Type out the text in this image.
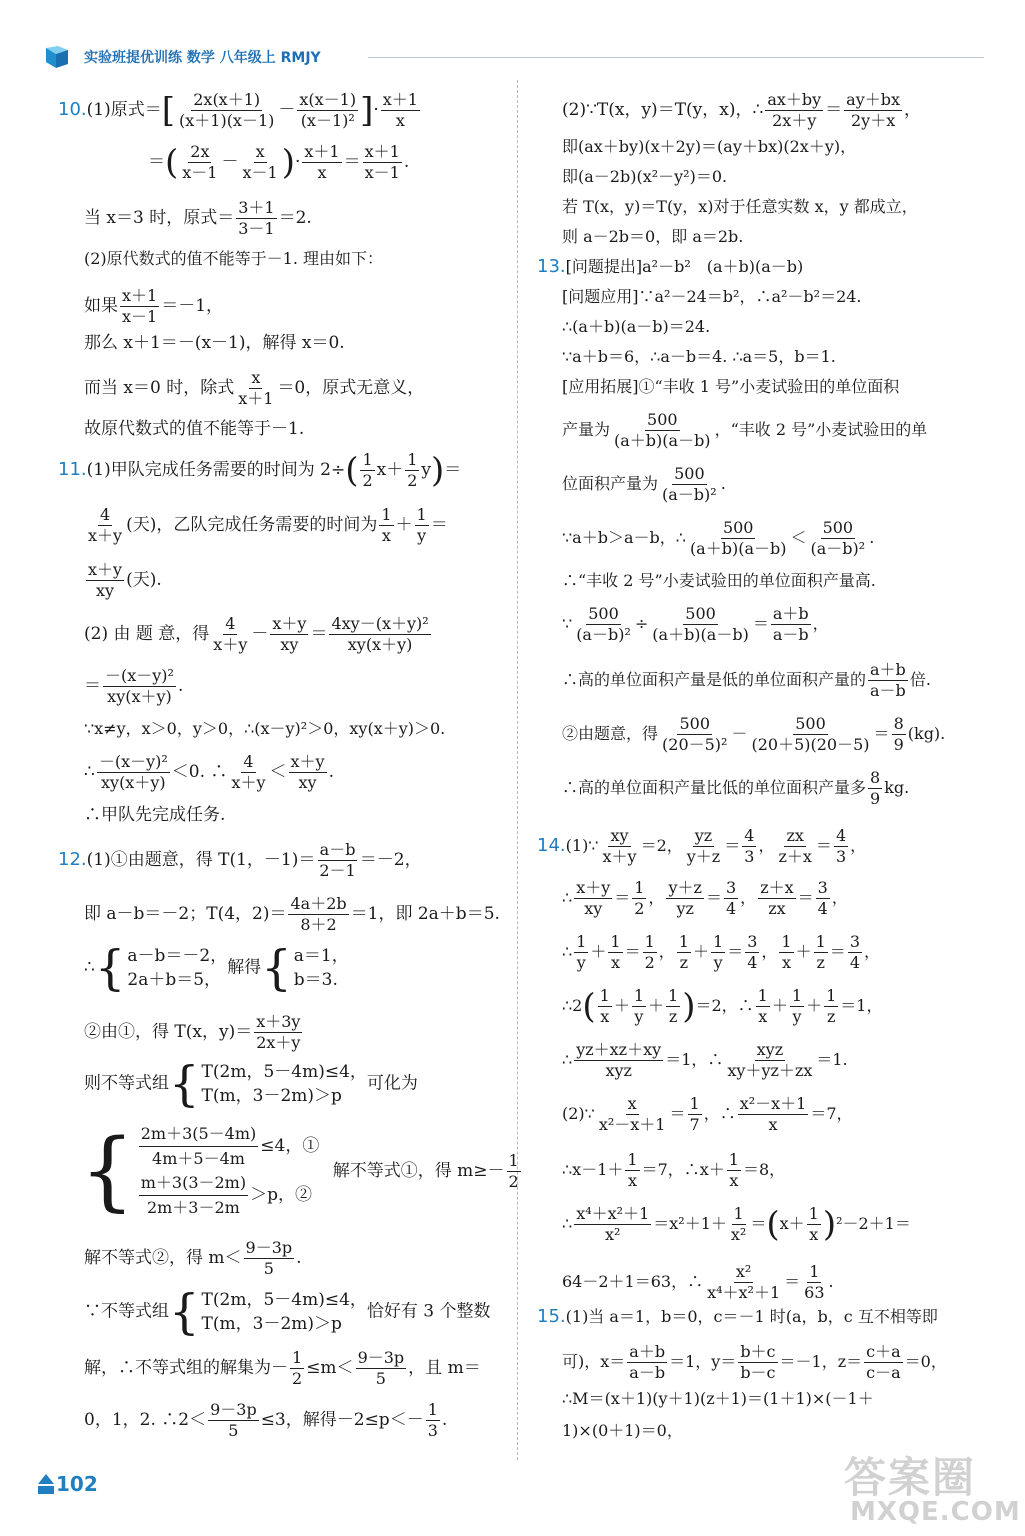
实验班提优训练 数学 八年级上 RMJY
10.(1)原式＝[ $\frac{2x(x+1)}{(x+1)(x-1)} - \frac{x(x-1)}{\text{(x－1)²}}$ ]· $\frac{x+1}{x}$
＝( $\frac{2x}{x-1} - \frac{x}{x-1}$ )· $\frac{x+1}{x} = \frac{x+1}{x-1}$ .
当 x＝3 时，原式＝ $\frac{3+1}{3-1} =2$.
(2)原代数式的值不能等于－1. 理由如下：
如果 $\frac{x+1}{x-1} =-1$，
那么 x＋1＝－(x－1)，解得 x＝0.
而当 x＝0 时，除式 $\frac{x}{x+1} =0$，原式无意义，
故原代数式的值不能等于－1.
11.(1)甲队完成任务需要的时间为 $2\div( \frac{1}{2} x+ \frac{1}{2} y)=$
$\frac{4}{x+y}$ (天)，乙队完成任务需要的时间为 $\frac{1}{x} + \frac{1}{y}$ ＝
$\frac{x+y}{xy}$ (天).
(2) 由 题 意，得 $\frac{4}{x+y} - \frac{x+y}{xy} = \frac{\text{4xy－(x＋y)²}}{xy(x+y)}$
＝ $\frac{\text{－(x－y)²}}{xy(x+y)}$ .
∵x≠y，x＞0，y＞0，∴(x－y)²＞0，xy(x＋y)＞0.
∴ $\frac{\text{－(x－y)²}}{xy(x+y)} <0$. ∴ $\frac{4}{x+y} < \frac{x+y}{xy}$ .
∴甲队先完成任务.
12.(1)①由题意，得 T(1，$-1)= \frac{a-b}{2-1} =-2$，
即 a－b＝－2；T(4，$2)= \frac{4a+2b}{8+2} =1$，即 2a＋b＝5.
∴ { a－b＝－2，
2a＋b＝5，
解得 { a＝1，
b＝3.
②由①，得 T(x，$y)= \frac{x+3y}{2x+y}$
则不等式组 { T(2m，5－4m)≤4，
T(m，3－2m)＞p
可化为
{ $\frac{2m+3(5-4m)}{4m+5-4m} \le 4$，①
$\frac{m+3(3-2m)}{2m+3-2m} >p$，②
解不等式①，得 $m\ge- \frac{1}{2}$
解不等式②，得 $m< \frac{9-3p}{5}$ .
∵不等式组 { T(2m，5－4m)≤4，
T(m，3－2m)＞p
恰好有 3 个整数
解，∴不等式组的解集为－ $\frac{1}{2} \le m< \frac{9-3p}{5}$ ，且 m＝
0，1，2. ∴2＜ $\frac{9-3p}{5} \le 3$，解得$-2\le p<- \frac{1}{3}$ .
(2)∵T(x，y)＝T(y，x)，∴ $\frac{ax+by}{2x+y} = \frac{ay+bx}{2y+x}$ ，
即(ax＋by)(x＋2y)＝(ay＋bx)(2x＋y)，
即(a－2b)(x²－y²)＝0.
若 T(x，y)＝T(y，x)对于任意实数 x，y 都成立，
则 a－2b＝0，即 a＝2b.
13.[问题提出]a²－b²　(a＋b)(a－b)
[问题应用]∵a²－24＝b²，∴a²－b²＝24.
∴(a＋b)(a－b)＝24.
∵a＋b＝6，∴a－b＝4. ∴a＝5，b＝1.
[应用拓展]①“丰收 1 号”小麦试验田的单位面积
产量为 $\frac{500}{(a+b)(a-b)}$ ，“丰收 2 号”小麦试验田的单
位面积产量为 $\frac{500}{\text{(a－b)²}}$ .
∵a＋b＞a－b，∴ $\frac{500}{(a+b)(a-b)} < \frac{500}{\text{(a－b)²}}$ .
∴“丰收 2 号”小麦试验田的单位面积产量高.
∵ $\frac{500}{\text{(a－b)²}} \div \frac{500}{(a+b)(a-b)} = \frac{a+b}{a-b}$ ，
∴高的单位面积产量是低的单位面积产量的 $\frac{a+b}{a-b}$ 倍.
②由题意，得 $\frac{500}{\text{(20－5)²}} - \frac{500}{(20+5)(20-5)} = \frac{8}{9} (kg)$.
∴高的单位面积产量比低的单位面积产量多 $\frac{8}{9}$ kg.
14.(1)∵ $\frac{xy}{x+y} =2$， $\frac{yz}{y+z} = \frac{4}{3}$ ， $\frac{zx}{z+x} = \frac{4}{3}$ ，
∴ $\frac{x+y}{xy} = \frac{1}{2}$ ， $\frac{y+z}{yz} = \frac{3}{4}$ ， $\frac{z+x}{zx} = \frac{3}{4}$ ，
∴ $\frac{1}{y} + \frac{1}{x} = \frac{1}{2}$ ， $\frac{1}{z} + \frac{1}{y} = \frac{3}{4}$ ， $\frac{1}{x} + \frac{1}{z} = \frac{3}{4}$ ，
∴2( $\frac{1}{x} + \frac{1}{y} + \frac{1}{z} )=2$，∴ $\frac{1}{x} + \frac{1}{y} + \frac{1}{z} =1$，
∴ $\frac{yz+xz+xy}{\text{xyz}} =1$，∴ $\frac{\text{xyz}}{xy+yz+zx} =1$.
(2)∵ $\frac{x}{\text{x²－x＋1}} = \frac{1}{7}$ ，∴ $\frac{\text{x²－x＋1}}{x} =7$，
∴x－1＋ $\frac{1}{x} =7$，∴x＋ $\frac{1}{x} =8$，
∴ $\frac{\text{x⁴＋x²＋1}}{\text{x²}} =x^2+1+ \frac{1}{\text{x²}} =(x+ \frac{1}{x} )^2-2+1=$
64－2＋1＝63，∴ $\frac{\text{x²}}{\text{x⁴＋x²＋1}} = \frac{1}{63}$ .
15.(1)当 a＝1，b＝0，c＝－1 时(a，b，c 互不相等即
可)，$x= \frac{a+b}{a-b} =1$，$y= \frac{b+c}{b-c} =-1$，$z= \frac{c+a}{c-a} =0$，
∴M＝(x＋1)(y＋1)(z＋1)＝(1＋1)×(－1＋
1)×(0＋1)＝0，
102	答案圈
MXQE.COM
